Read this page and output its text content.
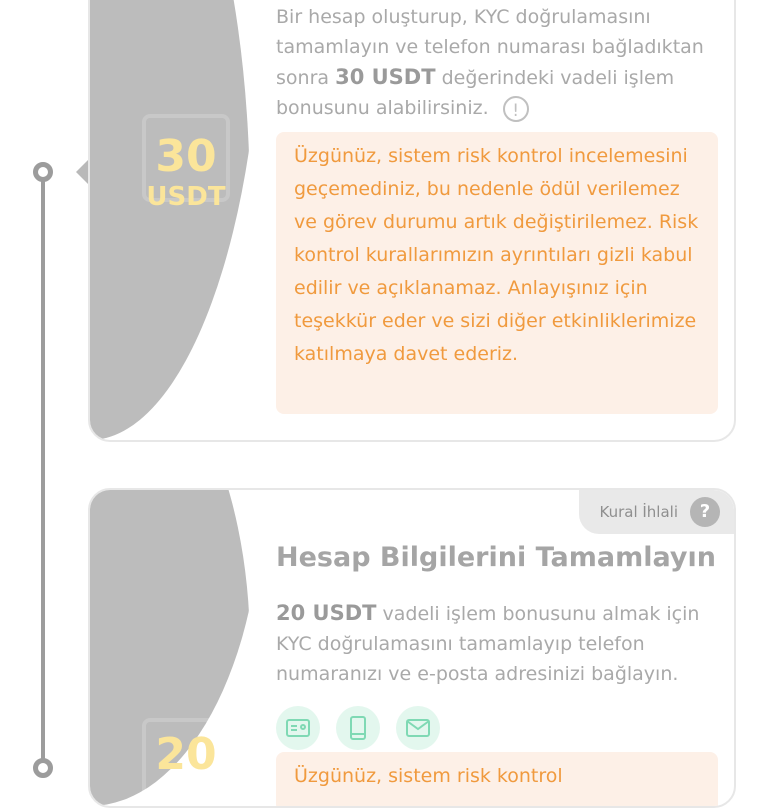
30
USDT
Bir hesap oluşturup, KYC doğrulamasını tamamlayın ve telefon numarası bağladıktan sonra 30 USDT değerindeki vadeli işlem bonusunu alabilirsiniz. !
Üzgünüz, sistem risk kontrol incelemesini geçemediniz, bu nedenle ödül verilemez ve görev durumu artık değiştirilemez. Risk kontrol kurallarımızın ayrıntıları gizli kabul edilir ve açıklanamaz. Anlayışınız için teşekkür eder ve sizi diğer etkinliklerimize katılmaya davet ederiz.
20
Kural İhlali	?
Hesap Bilgilerini Tamamlayın
20 USDT vadeli işlem bonusunu almak için KYC doğrulamasını tamamlayıp telefon numaranızı ve e-posta adresinizi bağlayın.
Üzgünüz, sistem risk kontrol
